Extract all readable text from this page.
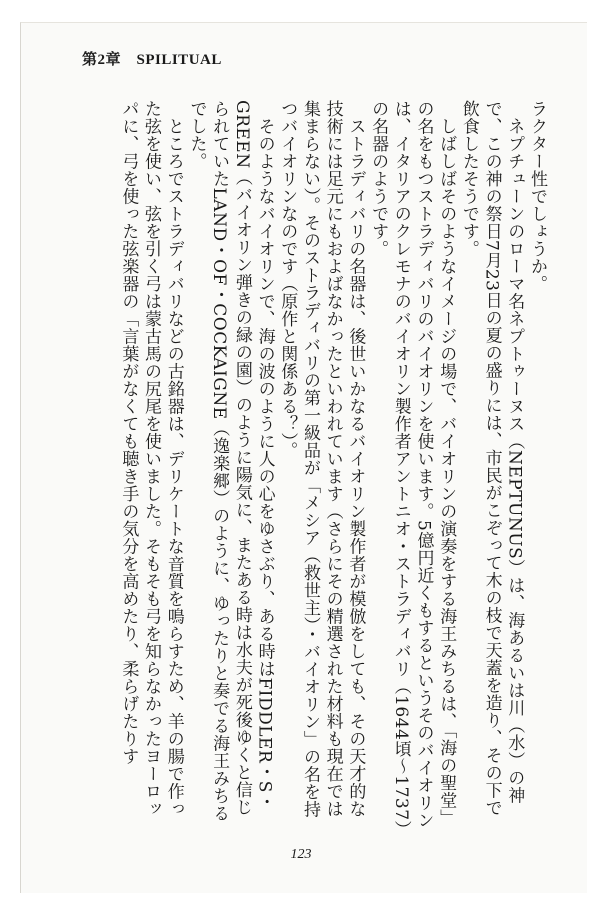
第2章　SPILITUAL

ラクター性でしょうか。

　ネプチューンのローマ名ネプトゥーヌス（NEPTUNUS）は、海あるいは川（水）の神で、この神の祭日7月23日の夏の盛りには、市民がこぞって木の枝で天蓋を造り、その下で飲食したそうです。

　しばしばそのようなイメージの場で、バイオリンの演奏をする海王みちるは、「海の聖堂」の名をもつストラディバリのバイオリンを使います。5億円近くもするというそのバイオリンは、イタリアのクレモナのバイオリン製作者アントニオ・ストラディバリ（1644頃〜1737）の名器のようです。

　ストラディバリの名器は、後世いかなるバイオリン製作者が模倣をしても、その天才的な技術には足元にもおよばなかったといわれています（さらにその精選された材料も現在では集まらない）。そのストラディバリの第一級品が「メシア（救世主）・バイオリン」の名を持つバイオリンなのです（原作と関係ある？）。

　そのようなバイオリンで、海の波のように人の心をゆさぶり、ある時はFIDDLER・S・GREEN（バイオリン弾きの緑の園）のように陽気に、またある時は水夫が死後ゆくと信じられていたLAND・OF・COCKAIGNE（逸楽郷）のように、ゆったりと奏でる海王みちるでした。

　ところでストラディバリなどの古銘器は、デリケートな音質を鳴らすため、羊の腸で作った弦を使い、弦を引く弓は蒙古馬の尻尾を使いました。そもそも弓を知らなかったヨーロッパに、弓を使った弦楽器の「言葉がなくても聴き手の気分を高めたり、柔らげたりす

123
